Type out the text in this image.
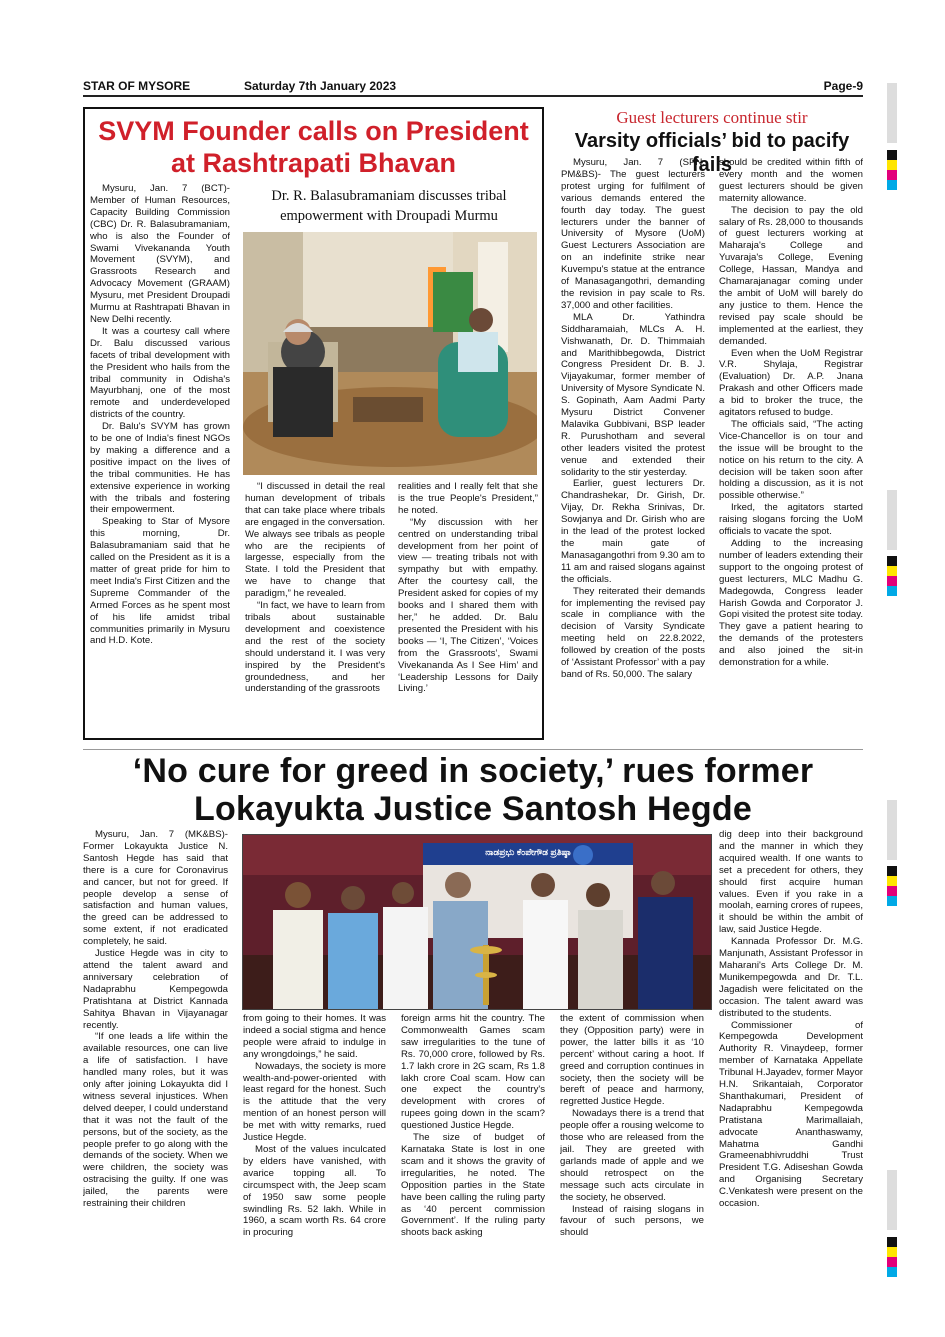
STAR OF MYSORE	Saturday 7th January 2023	Page-9
SVYM Founder calls on President
at Rashtrapati Bhavan
Dr. R. Balasubramaniam discusses tribal empowerment with Droupadi Murmu

Mysuru, Jan. 7 (BCT)- Member of Human Resources, Capacity Building Commission (CBC) Dr. R. Balasubramaniam, who is also the Founder of Swami Vivekananda Youth Movement (SVYM), and Grassroots Research and Advocacy Movement (GRAAM) Mysuru, met President Droupadi Murmu at Rashtrapati Bhavan in New Delhi recently.

It was a courtesy call where Dr. Balu discussed various facets of tribal development with the President who hails from the tribal community in Odisha's Mayurbhanj, one of the most remote and underdeveloped districts of the country.

Dr. Balu's SVYM has grown to be one of India's finest NGOs by making a difference and a positive impact on the lives of the tribal communities. He has extensive experience in working with the tribals and fostering their empowerment.

Speaking to Star of Mysore this morning, Dr. Balasubramaniam said that he called on the President as it is a matter of great pride for him to meet India's First Citizen and the Supreme Commander of the Armed Forces as he spent most of his life amidst tribal communities primarily in Mysuru and H.D. Kote.

“I discussed in detail the real human development of tribals that can take place where tribals are engaged in the conversation. We always see tribals as people who are the recipients of largesse, especially from the State. I told the President that we have to change that paradigm,” he revealed.

“In fact, we have to learn from tribals about sustainable development and coexistence and the rest of the society should understand it. I was very inspired by the President's groundedness, and her understanding of the grassroots

realities and I really felt that she is the true People's President,” he noted.

“My discussion with her centred on understanding tribal development from her point of view — treating tribals not with sympathy but with empathy. After the courtesy call, the President asked for copies of my books and I shared them with her,” he added. Dr. Balu presented the President with his books — ‘I, The Citizen’, ‘Voices from the Grassroots’, Swami Vivekananda As I See Him’ and ‘Leadership Lessons for Daily Living.’

Guest lecturers continue stir
Varsity officials’ bid to pacify fails

Mysuru, Jan. 7 (SPN, PM&BS)- The guest lecturers protest urging for fulfilment of various demands entered the fourth day today. The guest lecturers under the banner of University of Mysore (UoM) Guest Lecturers Association are on an indefinite strike near Kuvempu's statue at the entrance of Manasagangothri, demanding the revision in pay scale to Rs. 37,000 and other facilities.

MLA Dr. Yathindra Siddharamaiah, MLCs A. H. Vishwanath, Dr. D. Thimmaiah and Marithibbegowda, District Congress President Dr. B. J. Vijayakumar, former member of University of Mysore Syndicate N. S. Gopinath, Aam Aadmi Party Mysuru District Convener Malavika Gubbivani, BSP leader R. Purushotham and several other leaders visited the protest venue and extended their solidarity to the stir yesterday.

Earlier, guest lecturers Dr. Chandrashekar, Dr. Girish, Dr. Vijay, Dr. Rekha Srinivas, Dr. Sowjanya and Dr. Girish who are in the lead of the protest locked the main gate of Manasagangothri from 9.30 am to 11 am and raised slogans against the officials.

They reiterated their demands for implementing the revised pay scale in compliance with the decision of Varsity Syndicate meeting held on 22.8.2022, followed by creation of the posts of ‘Assistant Professor’ with a pay band of Rs. 50,000. The salary

should be credited within fifth of every month and the women guest lecturers should be given maternity allowance.

The decision to pay the old salary of Rs. 28,000 to thousands of guest lecturers working at Maharaja's College and Yuvaraja's College, Evening College, Hassan, Mandya and Chamarajanagar coming under the ambit of UoM will barely do any justice to them. Hence the revised pay scale should be implemented at the earliest, they demanded.

Even when the UoM Registrar V.R. Shylaja, Registrar (Evaluation) Dr. A.P. Jnana Prakash and other Officers made a bid to broker the truce, the agitators refused to budge.

The officials said, “The acting Vice-Chancellor is on tour and the issue will be brought to the notice on his return to the city. A decision will be taken soon after holding a discussion, as it is not possible otherwise.”

Irked, the agitators started raising slogans forcing the UoM officials to vacate the spot.

Adding to the increasing number of leaders extending their support to the ongoing protest of guest lecturers, MLC Madhu G. Madegowda, Congress leader Harish Gowda and Corporator J. Gopi visited the protest site today. They gave a patient hearing to the demands of the protesters and also joined the sit-in demonstration for a while.

‘No cure for greed in society,’ rues former
Lokayukta Justice Santosh Hegde

Mysuru, Jan. 7 (MK&BS)- Former Lokayukta Justice N. Santosh Hegde has said that there is a cure for Coronavirus and cancer, but not for greed. If people develop a sense of satisfaction and human values, the greed can be addressed to some extent, if not eradicated completely, he said.

Justice Hegde was in city to attend the talent award and anniversary celebration of Nadaprabhu Kempegowda Pratishtana at District Kannada Sahitya Bhavan in Vijayanagar recently.

“If one leads a life within the available resources, one can live a life of satisfaction. I have handled many roles, but it was only after joining Lokayukta did I witness several injustices. When delved deeper, I could understand that it was not the fault of the persons, but of the society, as the people prefer to go along with the demands of the society. When we were children, the society was ostracising the guilty. If one was jailed, the parents were restraining their children

ನಾಡಪ್ರಭು ಕೆಂಪೇಗೌಡ ಪ್ರತಿಷ್ಠಾ

from going to their homes. It was indeed a social stigma and hence people were afraid to indulge in any wrongdoings,” he said.

Nowadays, the society is more wealth-and-power-oriented with least regard for the honest. Such is the attitude that the very mention of an honest person will be met with witty remarks, rued Justice Hegde.

Most of the values inculcated by elders have vanished, with avarice topping all. To circumspect with, the Jeep scam of 1950 saw some people swindling Rs. 52 lakh. While in 1960, a scam worth Rs. 64 crore in procuring

foreign arms hit the country. The Commonwealth Games scam saw irregularities to the tune of Rs. 70,000 crore, followed by Rs. 1.7 lakh crore in 2G scam, Rs 1.8 lakh crore Coal scam. How can one expect the country's development with crores of rupees going down in the scam? questioned Justice Hegde.

The size of budget of Karnataka State is lost in one scam and it shows the gravity of irregularities, he noted. The Opposition parties in the State have been calling the ruling party as ‘40 percent commission Government’. If the ruling party shoots back asking

the extent of commission when they (Opposition party) were in power, the latter bills it as ‘10 percent’ without caring a hoot. If greed and corruption continues in society, then the society will be bereft of peace and harmony, regretted Justice Hegde.

Nowadays there is a trend that people offer a rousing welcome to those who are released from the jail. They are greeted with garlands made of apple and we should retrospect on the message such acts circulate in the society, he observed.

Instead of raising slogans in favour of such persons, we should

dig deep into their background and the manner in which they acquired wealth. If one wants to set a precedent for others, they should first acquire human values. Even if you rake in a moolah, earning crores of rupees, it should be within the ambit of law, said Justice Hegde.

Kannada Professor Dr. M.G. Manjunath, Assistant Professor in Maharani's Arts College Dr. M. Munikempegowda and Dr. T.L. Jagadish were felicitated on the occasion. The talent award was distributed to the students.

Commissioner of Kempegowda Development Authority R. Vinaydeep, former member of Karnataka Appellate Tribunal H.Jayadev, former Mayor H.N. Srikantaiah, Corporator Shanthakumari, President of Nadaprabhu Kempegowda Pratistana Marimallaiah, advocate Ananthaswamy, Mahatma Gandhi Grameenabhivruddhi Trust President T.G. Adiseshan Gowda and Organising Secretary C.Venkatesh were present on the occasion.
